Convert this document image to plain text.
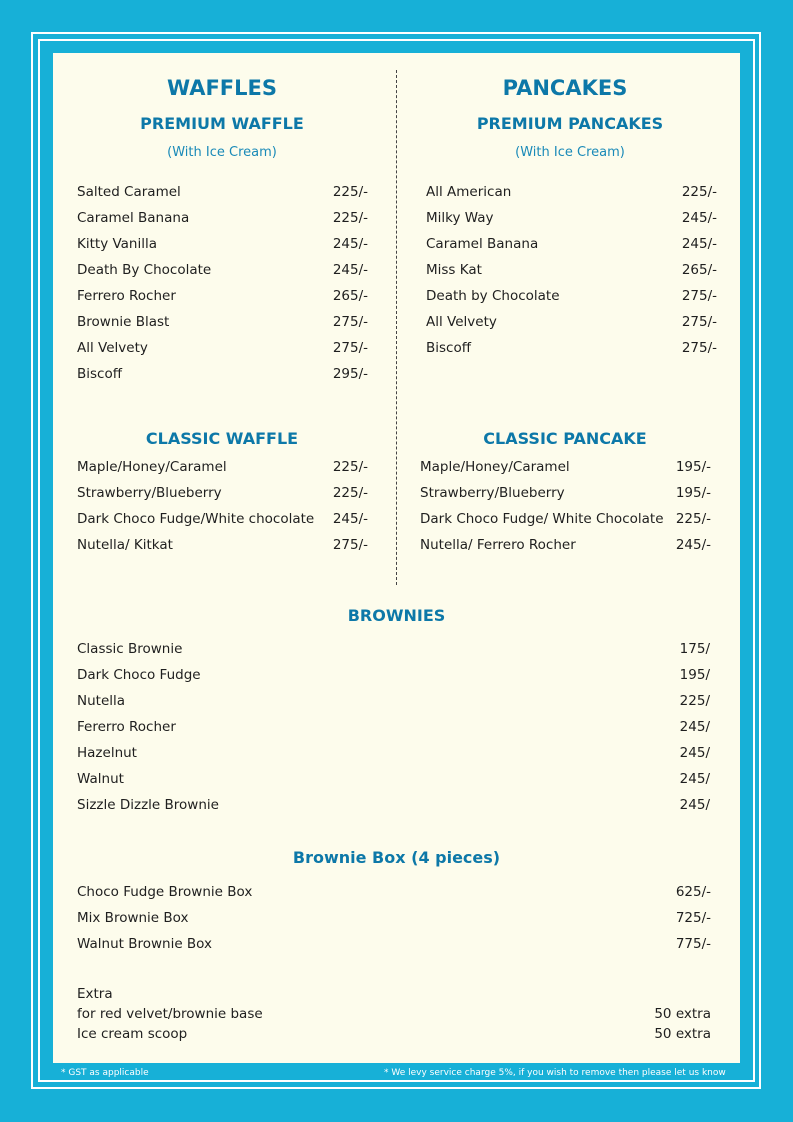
WAFFLES
PREMIUM WAFFLE
(With Ice Cream)
Salted Caramel	225/-
Caramel Banana	225/-
Kitty Vanilla	245/-
Death By Chocolate	245/-
Ferrero Rocher	265/-
Brownie Blast	275/-
All Velvety	275/-
Biscoff	295/-
CLASSIC WAFFLE
Maple/Honey/Caramel	225/-
Strawberry/Blueberry	225/-
Dark Choco Fudge/White chocolate 245/-
Nutella/ Kitkat	275/-
PANCAKES
PREMIUM PANCAKES
(With Ice Cream)
All American	225/-
Milky Way	245/-
Caramel Banana	245/-
Miss Kat	265/-
Death by Chocolate	275/-
All Velvety	275/-
Biscoff	275/-
CLASSIC PANCAKE
Maple/Honey/Caramel	195/-
Strawberry/Blueberry	195/-
Dark Choco Fudge/ White Chocolate 225/-
Nutella/ Ferrero Rocher	245/-
BROWNIES
Classic Brownie	175/
Dark Choco Fudge	195/
Nutella	225/
Fererro Rocher	245/
Hazelnut	245/
Walnut	245/
Sizzle Dizzle Brownie	245/
Brownie Box (4 pieces)
Choco Fudge Brownie Box	625/-
Mix Brownie Box	725/-
Walnut Brownie Box	775/-
Extra
for red velvet/brownie base	50 extra
Ice cream scoop	50 extra
* GST as applicable	* We levy service charge 5%, if you wish to remove then please let us know
